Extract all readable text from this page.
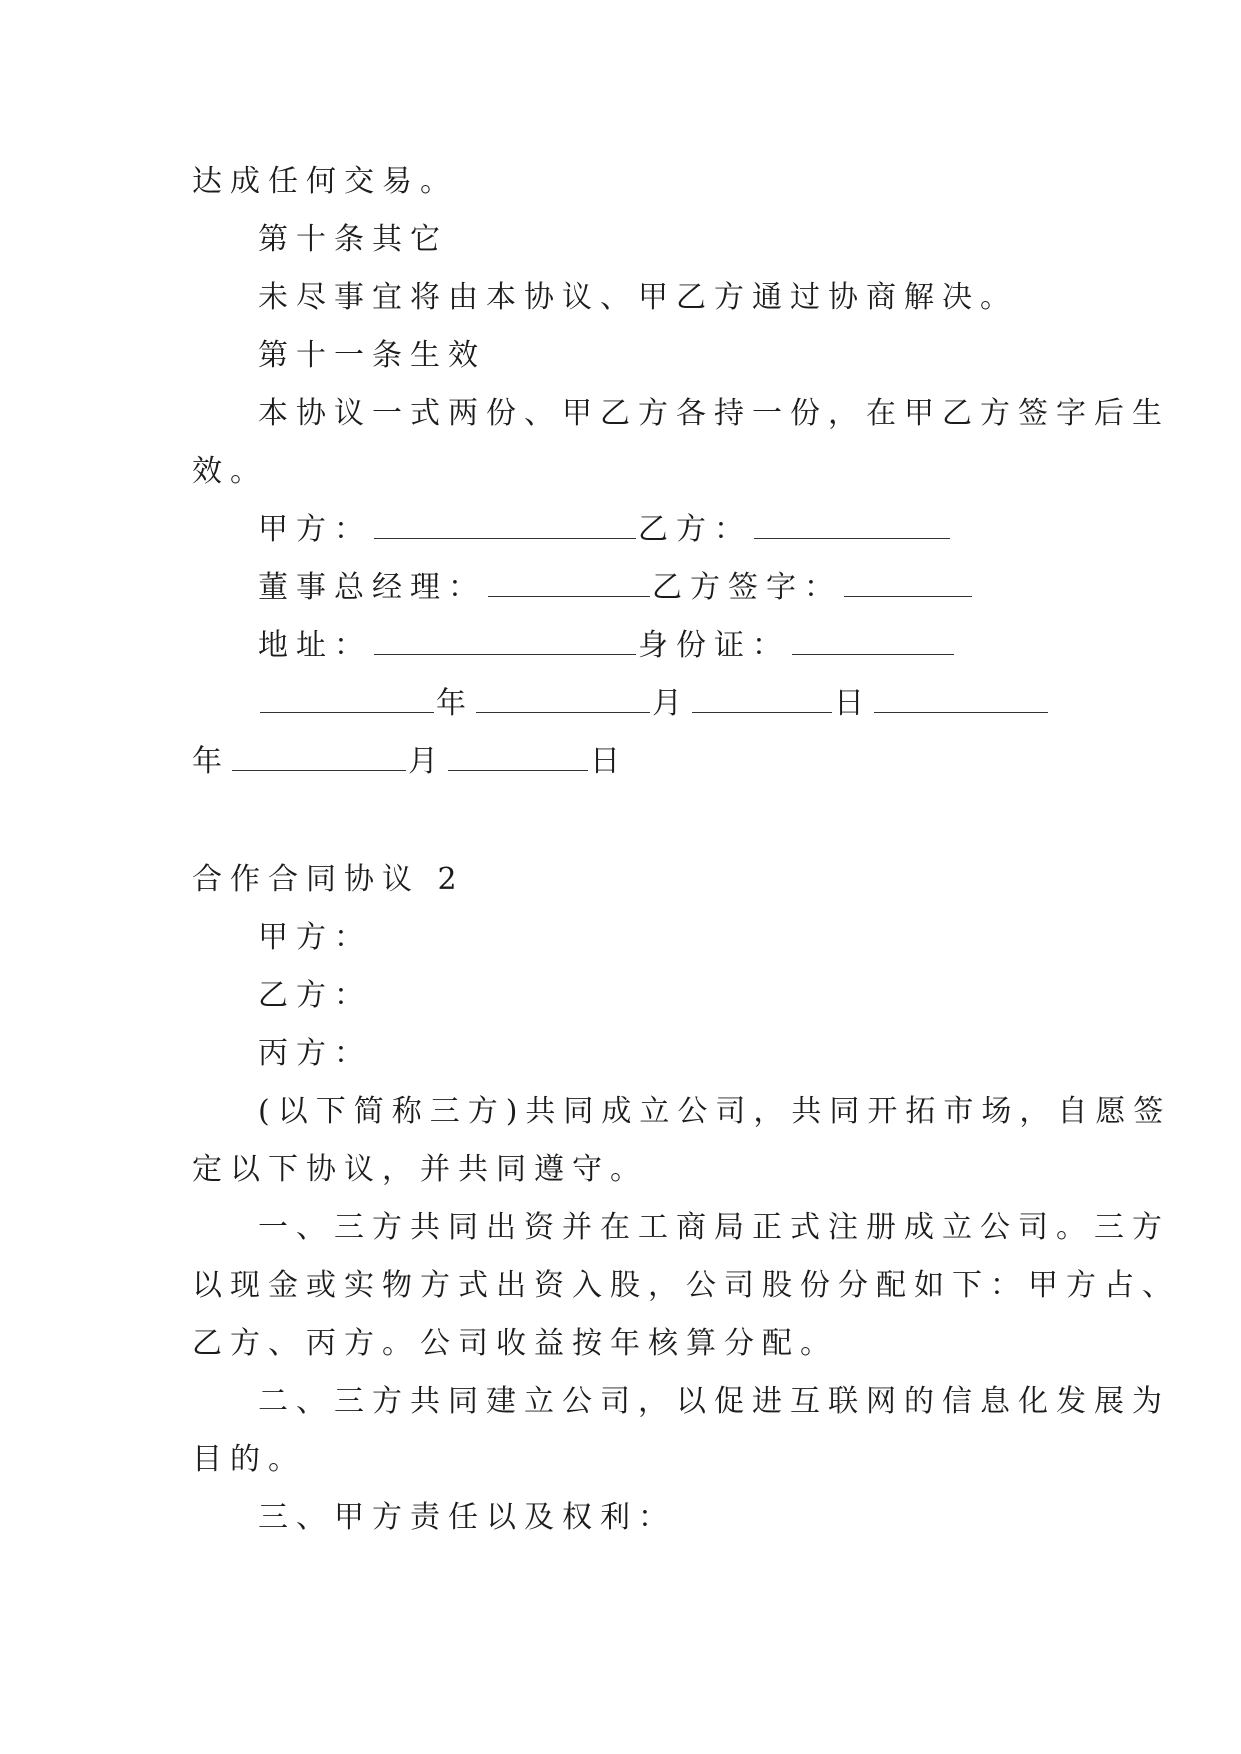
达成任何交易。
第十条其它
未尽事宜将由本协议、甲乙方通过协商解决。
第十一条生效
本协议一式两份、甲乙方各持一份，在甲乙方签字后生
效。
甲方：	乙方：
董事总经理：	乙方签字：
地址：	身份证：
年	月	日
年	月	日
合作合同协议 2
甲方：
乙方：
丙方：
(以下简称三方)共同成立公司，共同开拓市场，自愿签
定以下协议，并共同遵守。
一、三方共同出资并在工商局正式注册成立公司。三方
以现金或实物方式出资入股，公司股份分配如下：甲方占、
乙方、丙方。公司收益按年核算分配。
二、三方共同建立公司，以促进互联网的信息化发展为
目的。
三、甲方责任以及权利：
